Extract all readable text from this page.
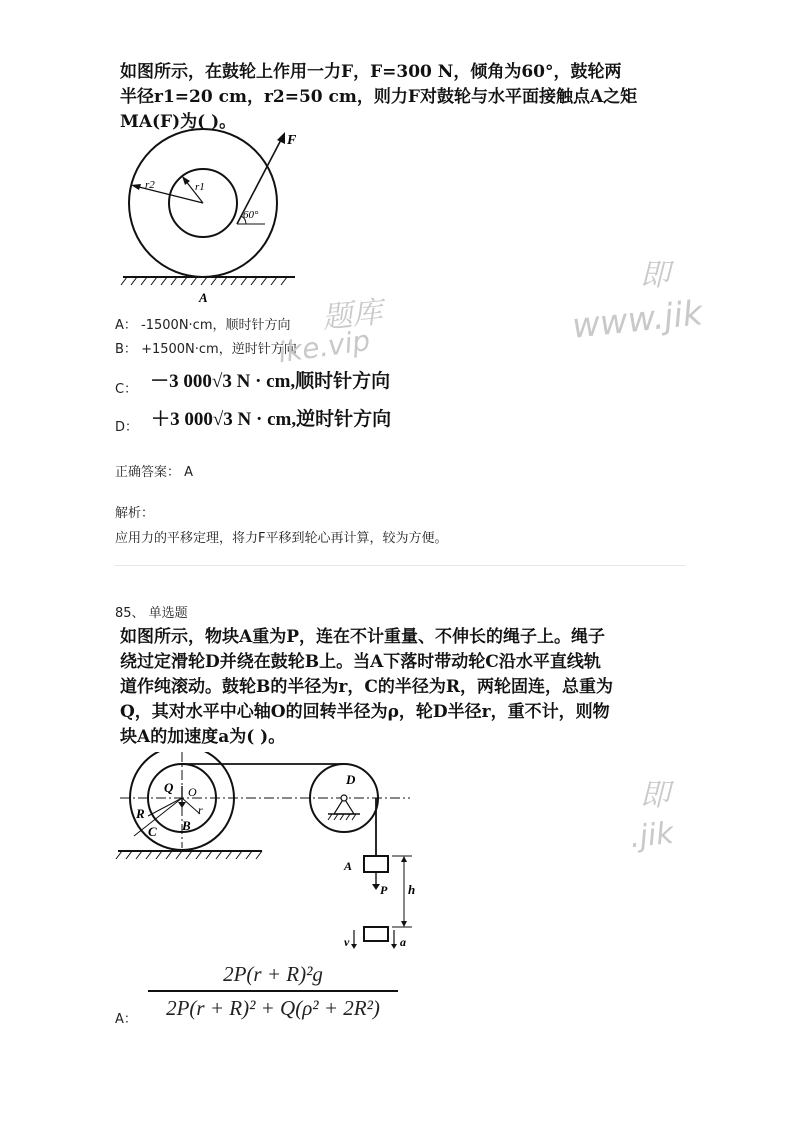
如图所示，在鼓轮上作用一力F，F=300 N，倾角为60°，鼓轮两
半径r1=20 cm，r2=50 cm，则力F对鼓轮与水平面接触点A之矩
MA(F)为( )。
r2	r1
F
60°
A
A： -1500N·cm，顺时针方向
B： +1500N·cm，逆时针方向
$_{C:}$ －3 000√3 N · cm,顺时针方向
$_{D:}$ ＋3 000√3 N · cm,逆时针方向
正确答案： A
解析：
应用力的平移定理，将力F平移到轮心再计算，较为方便。
85、 单选题
如图所示，物块A重为P，连在不计重量、不伸长的绳子上。绳子
绕过定滑轮D并绕在鼓轮B上。当A下落时带动轮C沿水平直线轨
道作纯滚动。鼓轮B的半径为r，C的半径为R，两轮固连，总重为
Q，其对水平中心轴O的回转半径为ρ，轮D半径r，重不计，则物
块A的加速度a为( )。
Q O
R	r
B
C
D
A
P h
v	a
A：
2P(r + R)²g
2P(r + R)² + Q(ρ² + 2R²)
题库
ike.vip
即
www.jik
即
.jik
